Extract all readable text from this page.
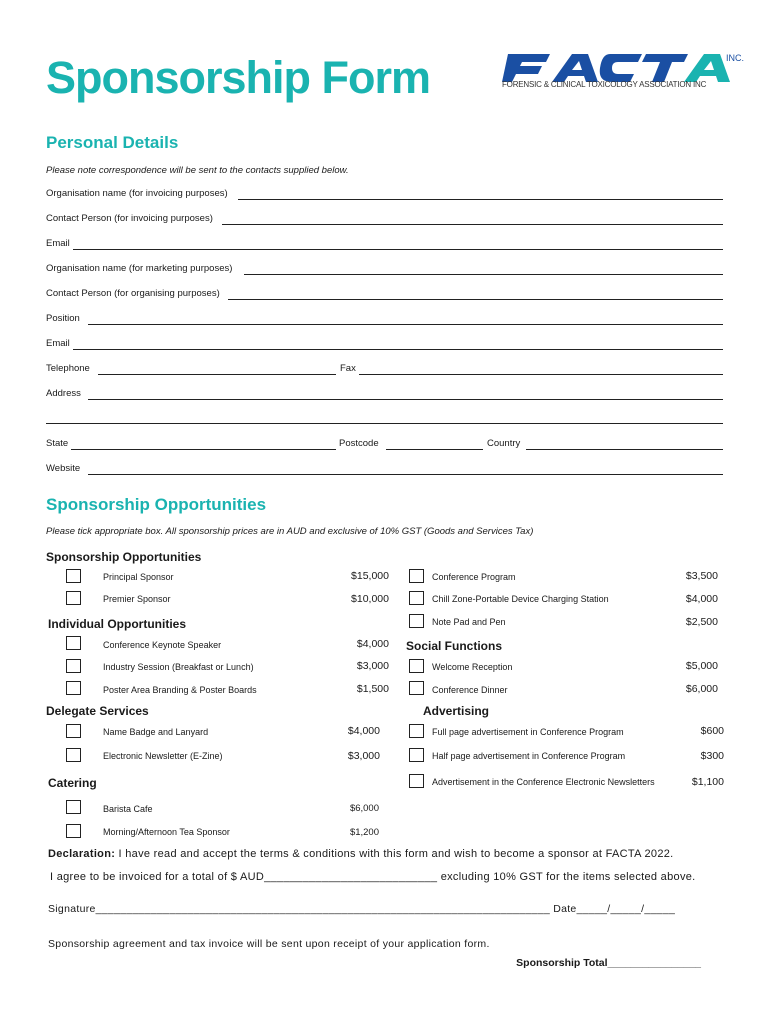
Sponsorship Form	INC.
FORENSIC & CLINICAL TOXICOLOGY ASSOCIATION INC
Personal Details
Please note correspondence will be sent to the contacts supplied below.
Organisation name (for invoicing purposes)
Contact Person (for invoicing purposes)
Email
Organisation name (for marketing purposes)
Contact Person (for organising purposes)
Position
Email
Telephone	Fax
Address
State	Postcode	Country
Website
Sponsorship Opportunities
Please tick appropriate box. All sponsorship prices are in AUD and exclusive of 10% GST (Goods and Services Tax)
Sponsorship Opportunities
Principal Sponsor	$15,000
Premier Sponsor	$10,000
Individual Opportunities
Conference Keynote Speaker	$4,000
Industry Session (Breakfast or Lunch)	$3,000
Poster Area Branding & Poster Boards	$1,500
Delegate Services
Name Badge and Lanyard	$4,000
Electronic Newsletter (E-Zine)	$3,000
Catering
Barista Cafe	$6,000
Morning/Afternoon Tea Sponsor	$1,200
Conference Program	$3,500
Chill Zone-Portable Device Charging Station	$4,000
Note Pad and Pen	$2,500
Social Functions
Welcome Reception	$5,000
Conference Dinner	$6,000
Advertising
Full page advertisement in Conference Program	$600
Half page advertisement in Conference Program	$300
Advertisement in the Conference Electronic Newsletters	$1,100
Declaration: I have read and accept the terms & conditions with this form and wish to become a sponsor at FACTA 2022.
I agree to be invoiced for a total of $ AUD___________________________ excluding 10% GST for the items selected above.
Signature__________________________________________________________________________ Date_____/_____/_____
Sponsorship agreement and tax invoice will be sent upon receipt of your application form.
Sponsorship Total________________
